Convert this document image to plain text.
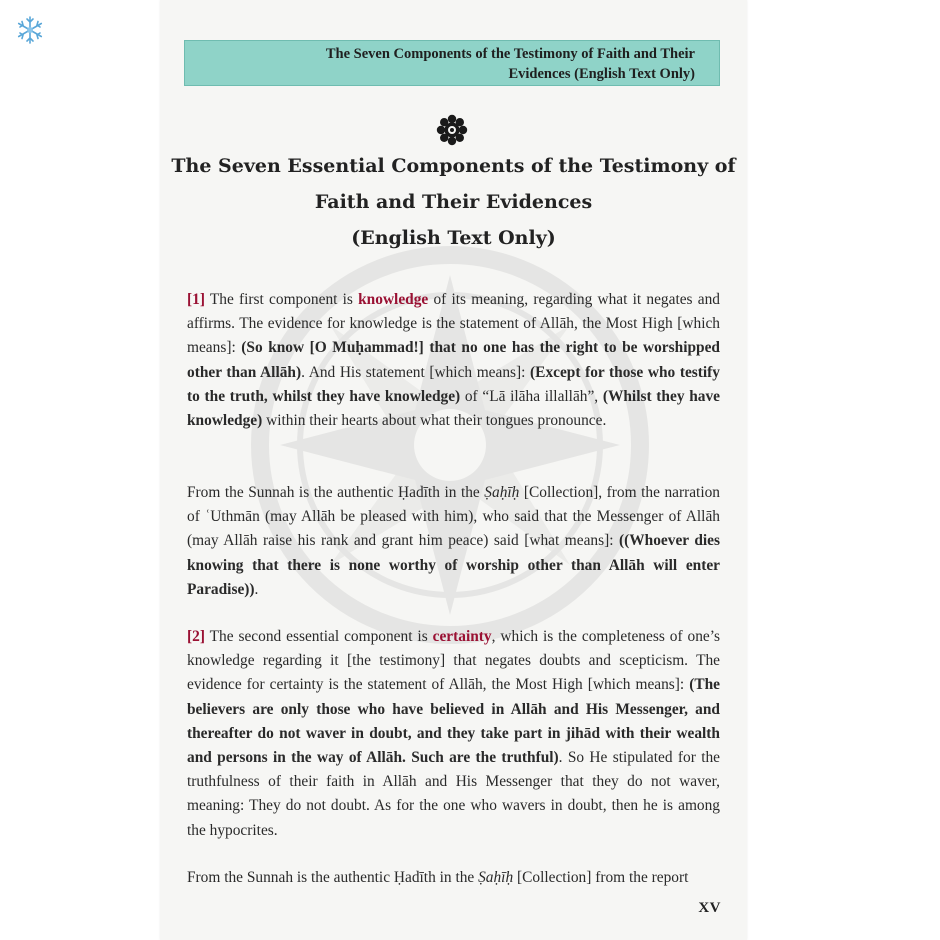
The Seven Components of the Testimony of Faith and Their
Evidences (English Text Only)
The Seven Essential Components of the Testimony of
Faith and Their Evidences
(English Text Only)

[1] The first component is knowledge of its meaning, regarding what it negates and affirms. The evidence for knowledge is the statement of Allāh, the Most High [which means]: (So know [O Muḥammad!] that no one has the right to be worshipped other than Allāh). And His statement [which means]: (Except for those who testify to the truth, whilst they have knowledge) of “Lā ilāha illallāh”, (Whilst they have knowledge) within their hearts about what their tongues pronounce.

From the Sunnah is the authentic Ḥadīth in the Ṣaḥīḥ [Collection], from the narration of ʿUthmān (may Allāh be pleased with him), who said that the Messenger of Allāh (may Allāh raise his rank and grant him peace) said [what means]: ((Whoever dies knowing that there is none worthy of worship other than Allāh will enter Paradise)).

[2] The second essential component is certainty, which is the completeness of one’s knowledge regarding it [the testimony] that negates doubts and scepticism. The evidence for certainty is the statement of Allāh, the Most High [which means]: (The believers are only those who have believed in Allāh and His Messenger, and thereafter do not waver in doubt, and they take part in jihād with their wealth and persons in the way of Allāh. Such are the truthful). So He stipulated for the truthfulness of their faith in Allāh and His Messenger that they do not waver, meaning: They do not doubt. As for the one who wavers in doubt, then he is among the hypocrites.

From the Sunnah is the authentic Ḥadīth in the Ṣaḥīḥ [Collection] from the report

XV
